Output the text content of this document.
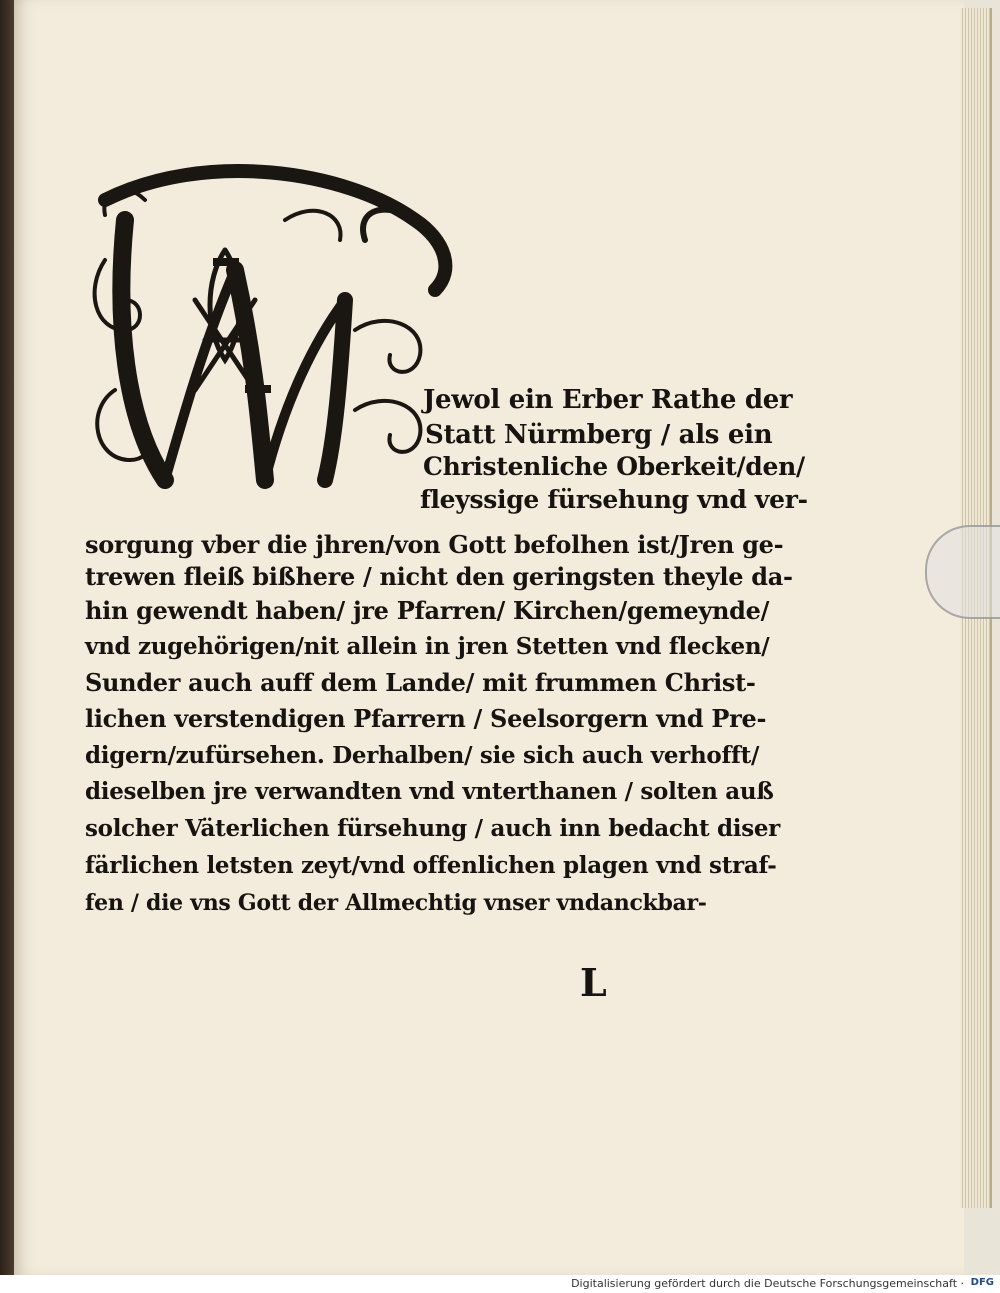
Jewol ein Erber Rathe der
Statt Nürmberg / als ein
Christenliche Oberkeit/den/
fleyssige fürsehung vnd ver-
sorgung vber die jhren/von Gott befolhen ist/Jren ge-
trewen fleiß bißhere / nicht den geringsten theyle da-
hin gewendt haben/ jre Pfarren/ Kirchen/gemeynde/
vnd zugehörigen/nit allein in jren Stetten vnd flecken/
Sunder auch auff dem Lande/ mit frummen Christ-
lichen verstendigen Pfarrern / Seelsorgern vnd Pre-
digern/zufürsehen. Derhalben/ sie sich auch verhofft/
dieselben jre verwandten vnd vnterthanen / solten auß
solcher Väterlichen fürsehung / auch inn bedacht diser
färlichen letsten zeyt/vnd offenlichen plagen vnd straf-
fen / die vns Gott der Allmechtig vnser vndanckbar-
L
Digitalisierung gefördert durch die Deutsche Forschungsgemeinschaft · DFG
